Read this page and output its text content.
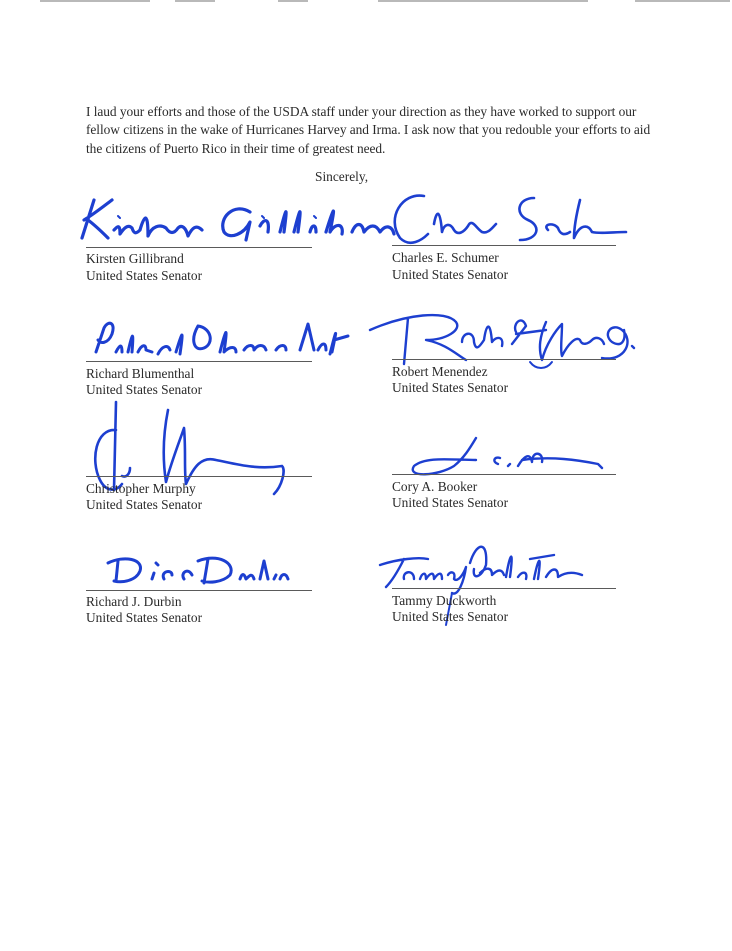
I laud your efforts and those of the USDA staff under your direction as they have worked to support our fellow citizens in the wake of Hurricanes Harvey and Irma. I ask now that you redouble your efforts to aid the citizens of Puerto Rico in their time of greatest need.

Sincerely,
Kirsten Gillibrand
United States Senator
Charles E. Schumer
United States Senator
Richard Blumenthal
United States Senator
Robert Menendez
United States Senator
Christopher Murphy
United States Senator
Cory A. Booker
United States Senator
Richard J. Durbin
United States Senator
Tammy Duckworth
United States Senator
